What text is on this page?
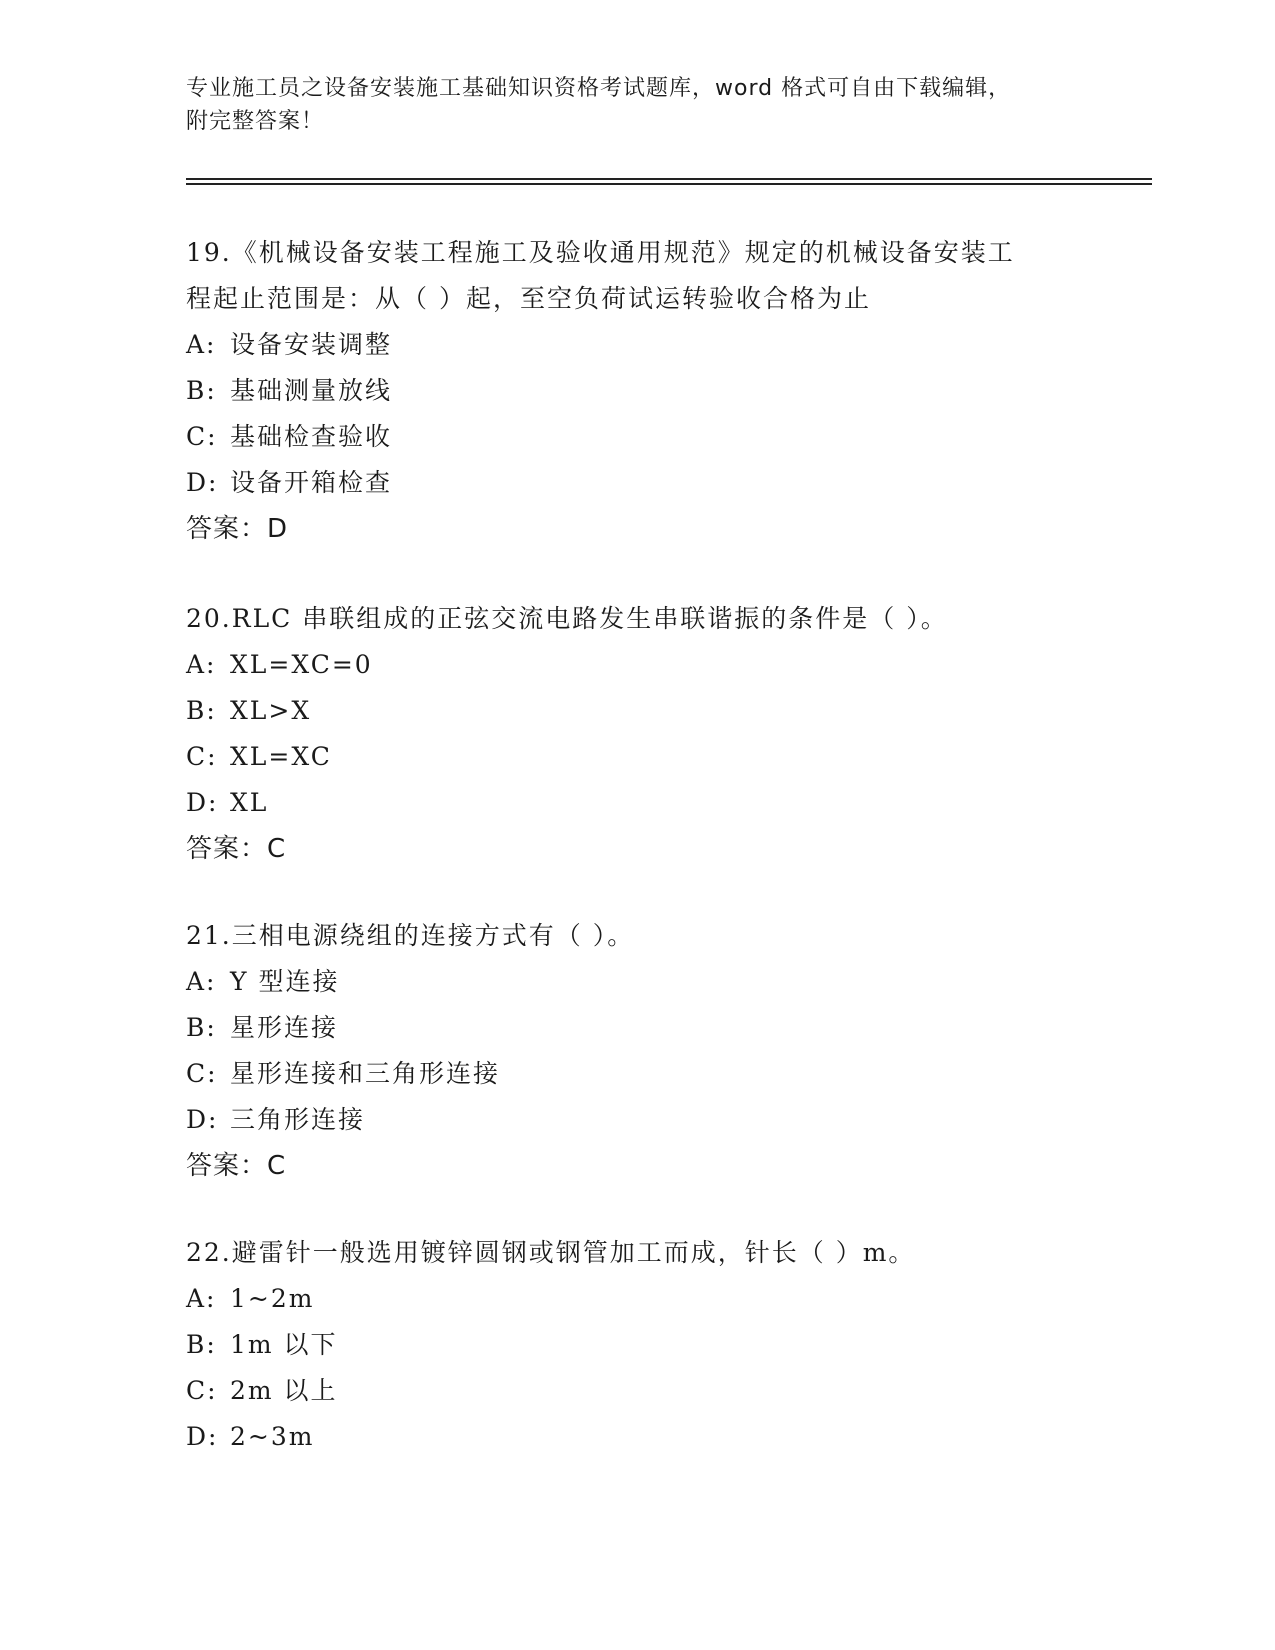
专业施工员之设备安装施工基础知识资格考试题库，word 格式可自由下载编辑，
附完整答案！
19.《机械设备安装工程施工及验收通用规范》规定的机械设备安装工
程起止范围是：从（ ）起，至空负荷试运转验收合格为止
A: 设备安装调整
B: 基础测量放线
C: 基础检查验收
D: 设备开箱检查
答案：D
20.RLC 串联组成的正弦交流电路发生串联谐振的条件是（ ）。
A: XL=XC=0
B: XL>X
C: XL=XC
D: XL
答案：C
21.三相电源绕组的连接方式有（ ）。
A: Y 型连接
B: 星形连接
C: 星形连接和三角形连接
D: 三角形连接
答案：C
22.避雷针一般选用镀锌圆钢或钢管加工而成，针长（ ）m。
A: 1~2m
B: 1m 以下
C: 2m 以上
D: 2~3m
